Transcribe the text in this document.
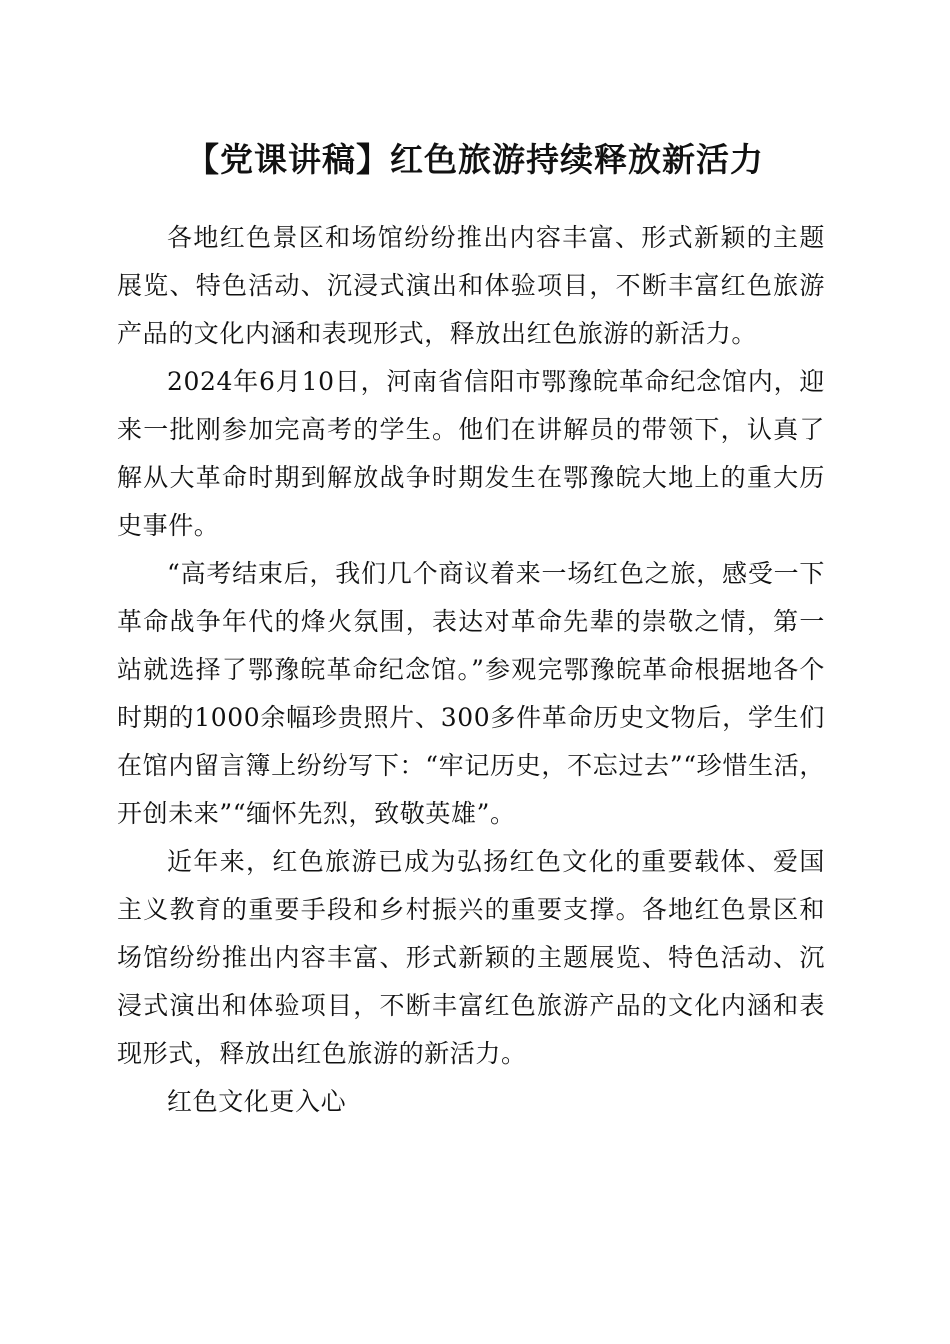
【党课讲稿】红色旅游持续释放新活力

各地红色景区和场馆纷纷推出内容丰富、形式新颖的主题展览、特色活动、沉浸式演出和体验项目，不断丰富红色旅游产品的文化内涵和表现形式，释放出红色旅游的新活力。

2024年6月10日，河南省信阳市鄂豫皖革命纪念馆内，迎来一批刚参加完高考的学生。他们在讲解员的带领下，认真了解从大革命时期到解放战争时期发生在鄂豫皖大地上的重大历史事件。

“高考结束后，我们几个商议着来一场红色之旅，感受一下革命战争年代的烽火氛围，表达对革命先辈的崇敬之情，第一站就选择了鄂豫皖革命纪念馆。”参观完鄂豫皖革命根据地各个时期的1000余幅珍贵照片、300多件革命历史文物后，学生们在馆内留言簿上纷纷写下：“牢记历史，不忘过去”“珍惜生活，开创未来”“缅怀先烈，致敬英雄”。

近年来，红色旅游已成为弘扬红色文化的重要载体、爱国主义教育的重要手段和乡村振兴的重要支撑。各地红色景区和场馆纷纷推出内容丰富、形式新颖的主题展览、特色活动、沉浸式演出和体验项目，不断丰富红色旅游产品的文化内涵和表现形式，释放出红色旅游的新活力。

红色文化更入心
